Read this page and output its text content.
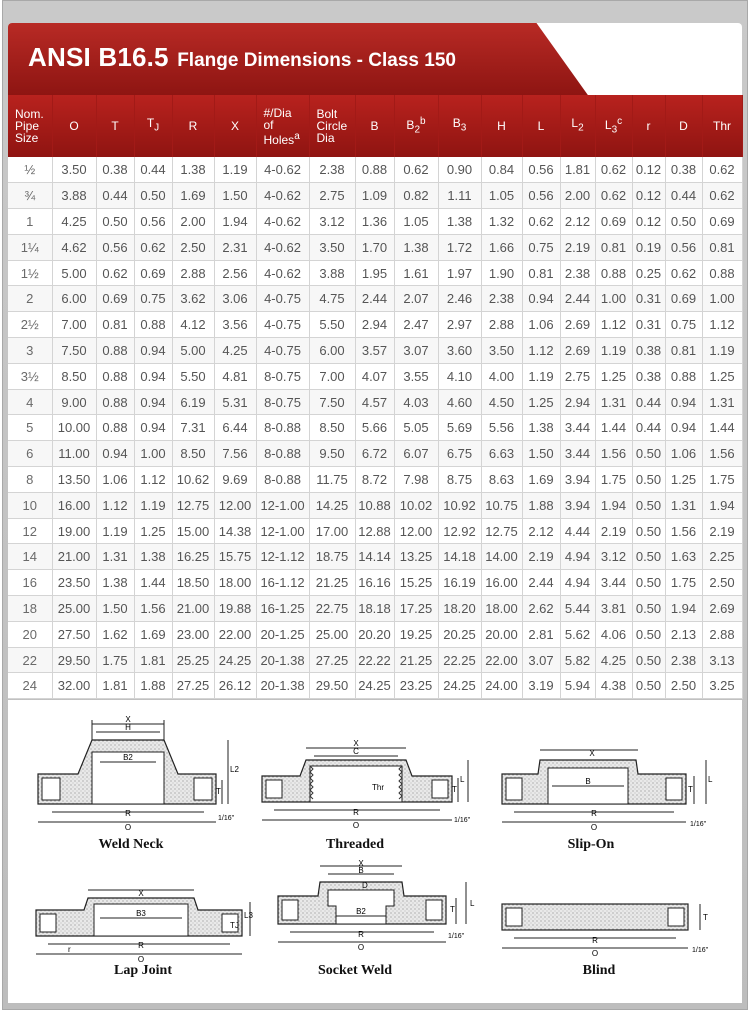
ANSI B16.5 Flange Dimensions - Class 150
Nom.
Pipe
Size	O	T	$T_J$	R	X	#/Dia
of
Holes$^a$	Bolt
Circle
Dia	B	$B_2^b$	$B_3$	H	L	$L_2$	$L_3^c$	r	D	Thr
½	3.50	0.38	0.44	1.38	1.19	4-0.62	2.38	0.88	0.62	0.90	0.84	0.56	1.81	0.62	0.12	0.38	0.62
¾	3.88	0.44	0.50	1.69	1.50	4-0.62	2.75	1.09	0.82	1.11	1.05	0.56	2.00	0.62	0.12	0.44	0.62
1	4.25	0.50	0.56	2.00	1.94	4-0.62	3.12	1.36	1.05	1.38	1.32	0.62	2.12	0.69	0.12	0.50	0.69
1¼	4.62	0.56	0.62	2.50	2.31	4-0.62	3.50	1.70	1.38	1.72	1.66	0.75	2.19	0.81	0.19	0.56	0.81
1½	5.00	0.62	0.69	2.88	2.56	4-0.62	3.88	1.95	1.61	1.97	1.90	0.81	2.38	0.88	0.25	0.62	0.88
2	6.00	0.69	0.75	3.62	3.06	4-0.75	4.75	2.44	2.07	2.46	2.38	0.94	2.44	1.00	0.31	0.69	1.00
2½	7.00	0.81	0.88	4.12	3.56	4-0.75	5.50	2.94	2.47	2.97	2.88	1.06	2.69	1.12	0.31	0.75	1.12
3	7.50	0.88	0.94	5.00	4.25	4-0.75	6.00	3.57	3.07	3.60	3.50	1.12	2.69	1.19	0.38	0.81	1.19
3½	8.50	0.88	0.94	5.50	4.81	8-0.75	7.00	4.07	3.55	4.10	4.00	1.19	2.75	1.25	0.38	0.88	1.25
4	9.00	0.88	0.94	6.19	5.31	8-0.75	7.50	4.57	4.03	4.60	4.50	1.25	2.94	1.31	0.44	0.94	1.31
5	10.00	0.88	0.94	7.31	6.44	8-0.88	8.50	5.66	5.05	5.69	5.56	1.38	3.44	1.44	0.44	0.94	1.44
6	11.00	0.94	1.00	8.50	7.56	8-0.88	9.50	6.72	6.07	6.75	6.63	1.50	3.44	1.56	0.50	1.06	1.56
8	13.50	1.06	1.12	10.62	9.69	8-0.88	11.75	8.72	7.98	8.75	8.63	1.69	3.94	1.75	0.50	1.25	1.75
10	16.00	1.12	1.19	12.75	12.00	12-1.00	14.25	10.88	10.02	10.92	10.75	1.88	3.94	1.94	0.50	1.31	1.94
12	19.00	1.19	1.25	15.00	14.38	12-1.00	17.00	12.88	12.00	12.92	12.75	2.12	4.44	2.19	0.50	1.56	2.19
14	21.00	1.31	1.38	16.25	15.75	12-1.12	18.75	14.14	13.25	14.18	14.00	2.19	4.94	3.12	0.50	1.63	2.25
16	23.50	1.38	1.44	18.50	18.00	16-1.12	21.25	16.16	15.25	16.19	16.00	2.44	4.94	3.44	0.50	1.75	2.50
18	25.00	1.50	1.56	21.00	19.88	16-1.25	22.75	18.18	17.25	18.20	18.00	2.62	5.44	3.81	0.50	1.94	2.69
20	27.50	1.62	1.69	23.00	22.00	20-1.25	25.00	20.20	19.25	20.25	20.00	2.81	5.62	4.06	0.50	2.13	2.88
22	29.50	1.75	1.81	25.25	24.25	20-1.38	27.25	22.22	21.25	22.25	22.00	3.07	5.82	4.25	0.50	2.38	3.13
24	32.00	1.81	1.88	27.25	26.12	20-1.38	29.50	24.25	23.25	24.25	24.00	3.19	5.94	4.38	0.50	2.50	3.25
X
H
B2
L2
T
R
O
1/16"
Weld Neck
X
C
Thr
L
T
R
O
1/16"
Threaded
X
B	L
T
R
O	1/16"
Slip-On
X
B3	L3
TJ
R
O
r
Lap Joint
X
B
D
B2
L
T
R
O
1/16"
Socket Weld
T
R
O	1/16"
Blind
